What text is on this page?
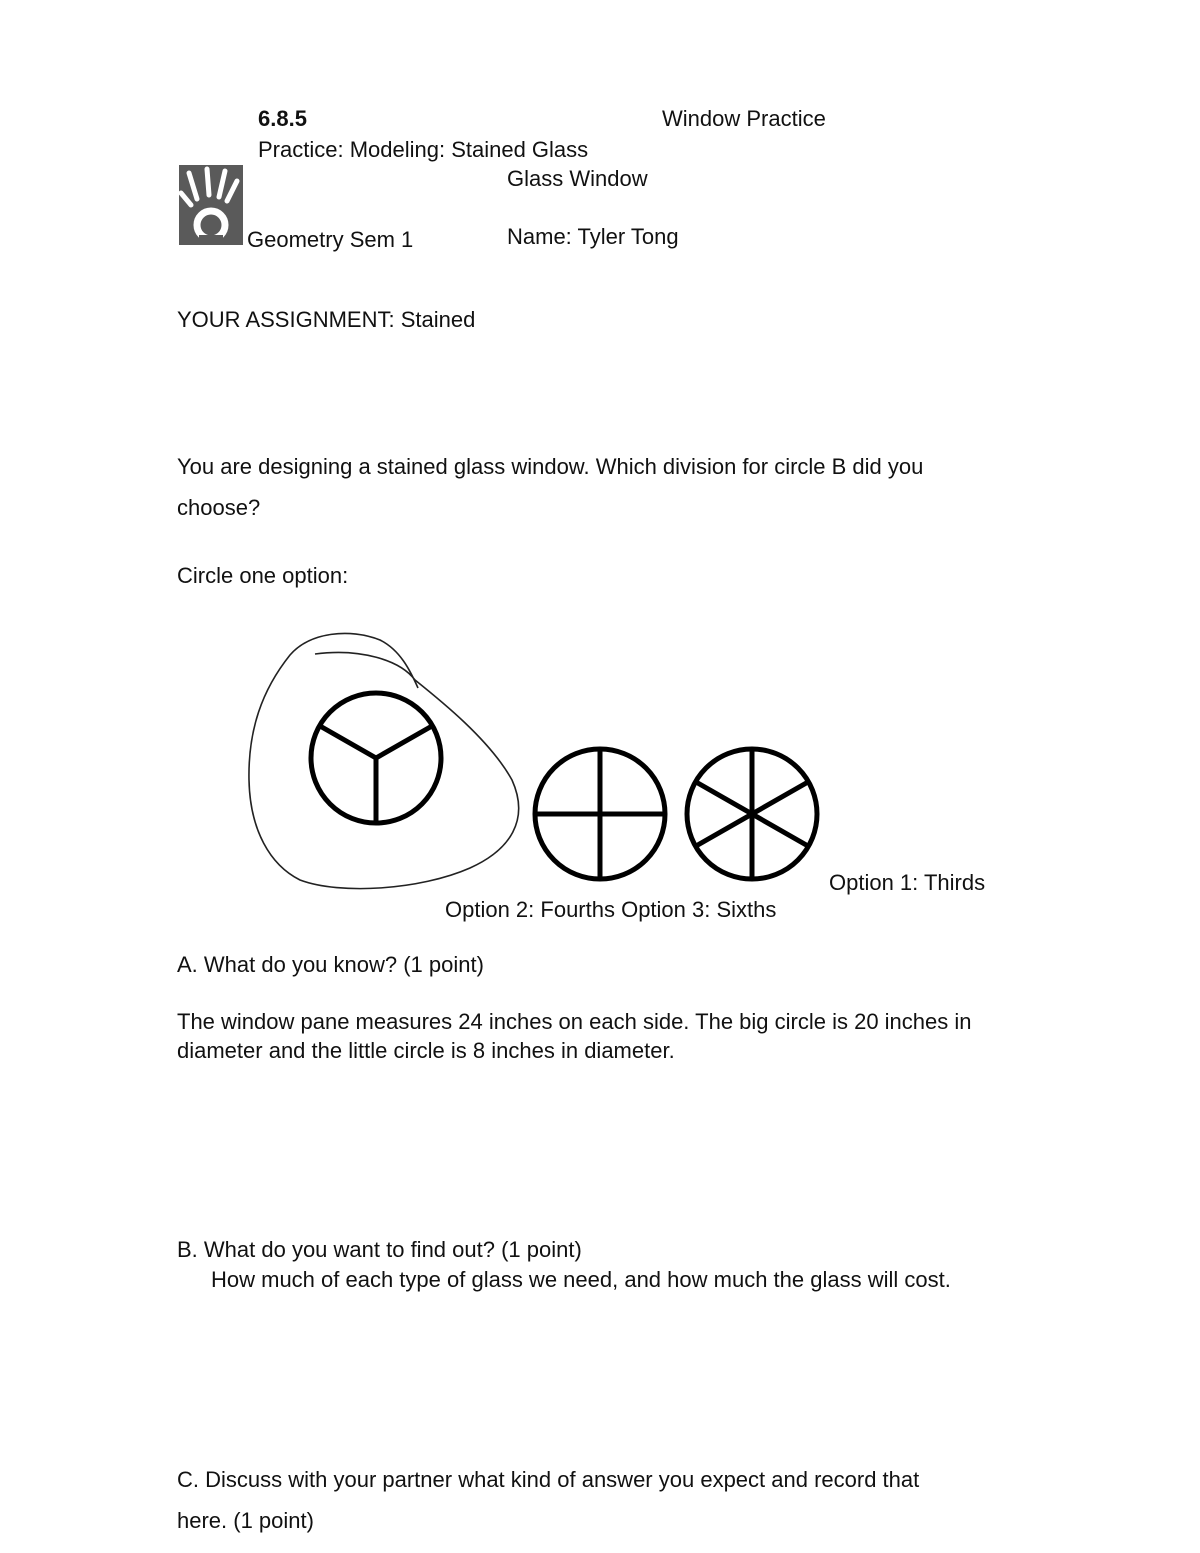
6.8.5	Window Practice
Practice: Modeling: Stained Glass
Glass Window
Geometry Sem 1	Name: Tyler Tong
YOUR ASSIGNMENT: Stained
You are designing a stained glass window. Which division for circle B did you
choose?
Circle one option:
Option 1: Thirds
Option 2: Fourths Option 3: Sixths
A. What do you know? (1 point)
The window pane measures 24 inches on each side. The big circle is 20 inches in
diameter and the little circle is 8 inches in diameter.
B. What do you want to find out? (1 point)
How much of each type of glass we need, and how much the glass will cost.
C. Discuss with your partner what kind of answer you expect and record that
here. (1 point)
